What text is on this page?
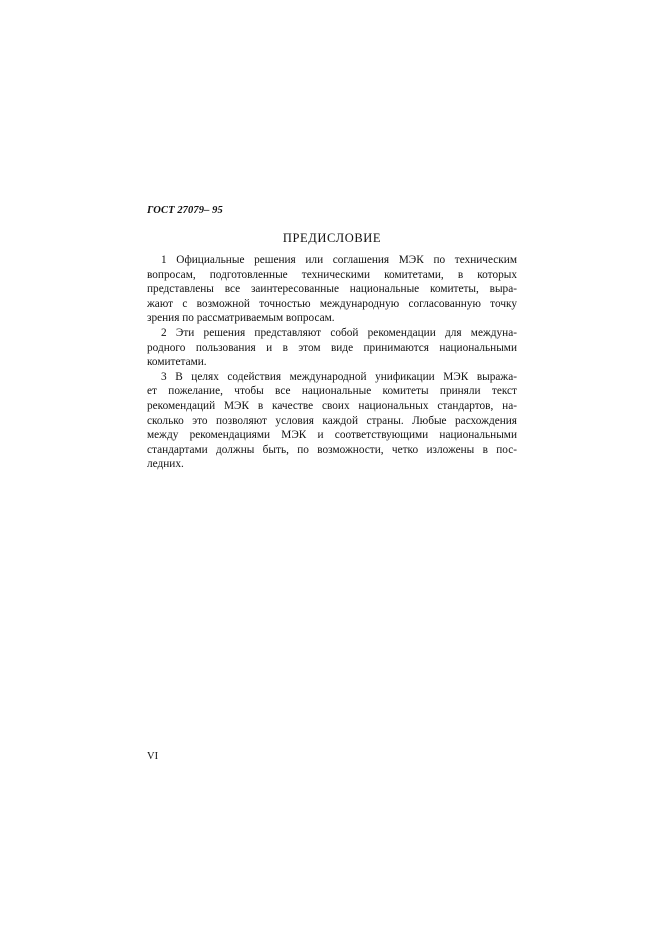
ГОСТ 27079– 95
ПРЕДИСЛОВИЕ
1 Официальные решения или соглашения МЭК по техническим
вопросам, подготовленные техническими комитетами, в которых
представлены все заинтересованные национальные комитеты, выра-
жают с возможной точностью международную согласованную точку
зрения по рассматриваемым вопросам.
2 Эти решения представляют собой рекомендации для междуна-
родного пользования и в этом виде принимаются национальными
комитетами.
3 В целях содействия международной унификации МЭК выража-
ет пожелание, чтобы все национальные комитеты приняли текст
рекомендаций МЭК в качестве своих национальных стандартов, на-
сколько это позволяют условия каждой страны. Любые расхождения
между рекомендациями МЭК и соответствующими национальными
стандартами должны быть, по возможности, четко изложены в пос-
ледних.
VI
